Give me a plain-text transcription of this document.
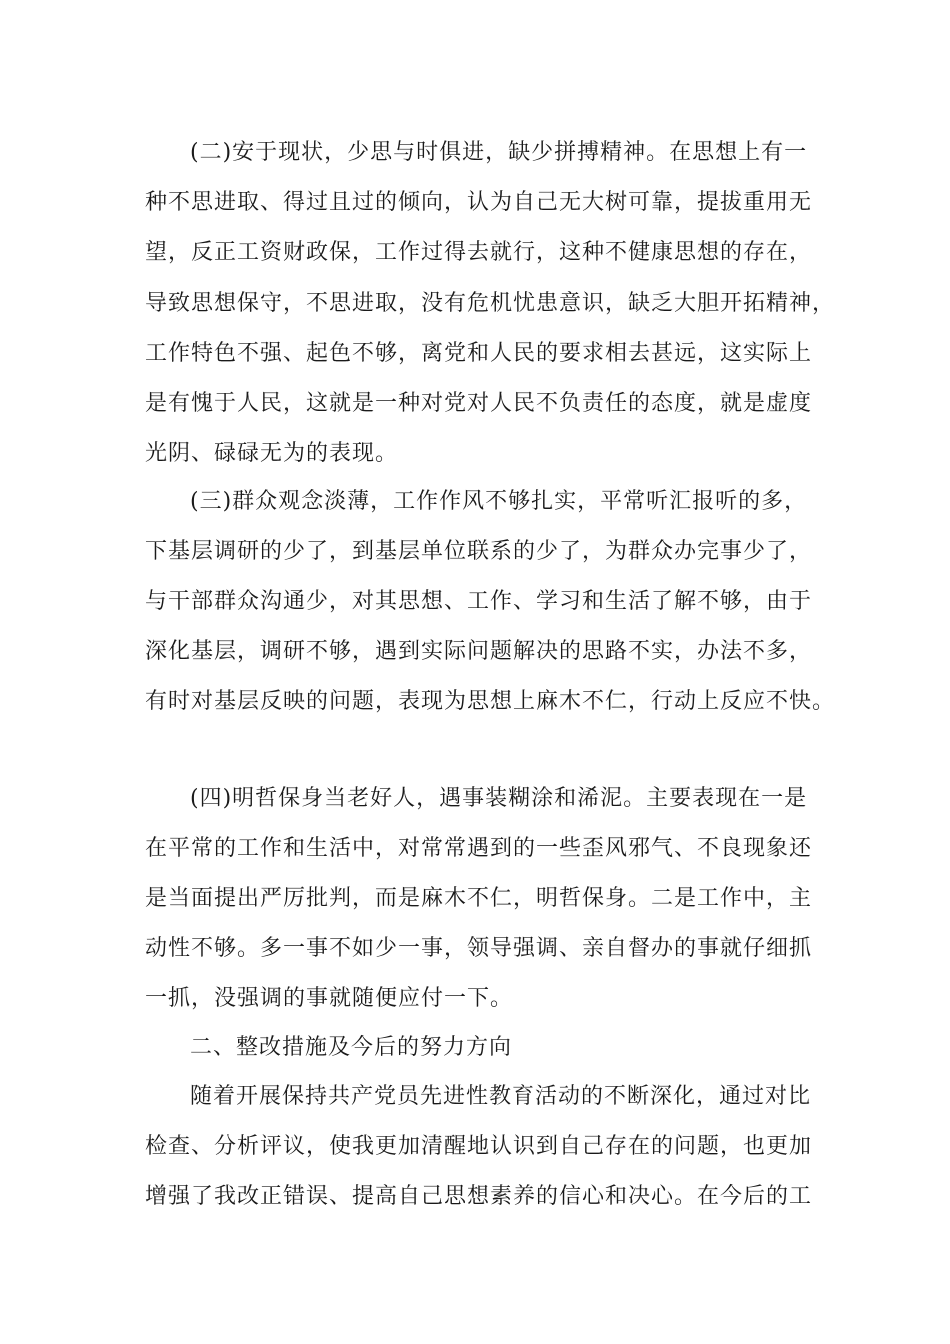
(二)安于现状，少思与时俱进，缺少拼搏精神。在思想上有一
种不思进取、得过且过的倾向，认为自己无大树可靠，提拔重用无
望，反正工资财政保，工作过得去就行，这种不健康思想的存在，
导致思想保守，不思进取，没有危机忧患意识，缺乏大胆开拓精神，
工作特色不强、起色不够，离党和人民的要求相去甚远，这实际上
是有愧于人民，这就是一种对党对人民不负责任的态度，就是虚度
光阴、碌碌无为的表现。
(三)群众观念淡薄，工作作风不够扎实，平常听汇报听的多，
下基层调研的少了，到基层单位联系的少了，为群众办完事少了，
与干部群众沟通少，对其思想、工作、学习和生活了解不够，由于
深化基层，调研不够，遇到实际问题解决的思路不实，办法不多，
有时对基层反映的问题，表现为思想上麻木不仁，行动上反应不快。
(四)明哲保身当老好人，遇事装糊涂和浠泥。主要表现在一是
在平常的工作和生活中，对常常遇到的一些歪风邪气、不良现象还
是当面提出严厉批判，而是麻木不仁，明哲保身。二是工作中，主
动性不够。多一事不如少一事，领导强调、亲自督办的事就仔细抓
一抓，没强调的事就随便应付一下。
二、整改措施及今后的努力方向
随着开展保持共产党员先进性教育活动的不断深化，通过对比
检查、分析评议，使我更加清醒地认识到自己存在的问题，也更加
增强了我改正错误、提高自己思想素养的信心和决心。在今后的工
